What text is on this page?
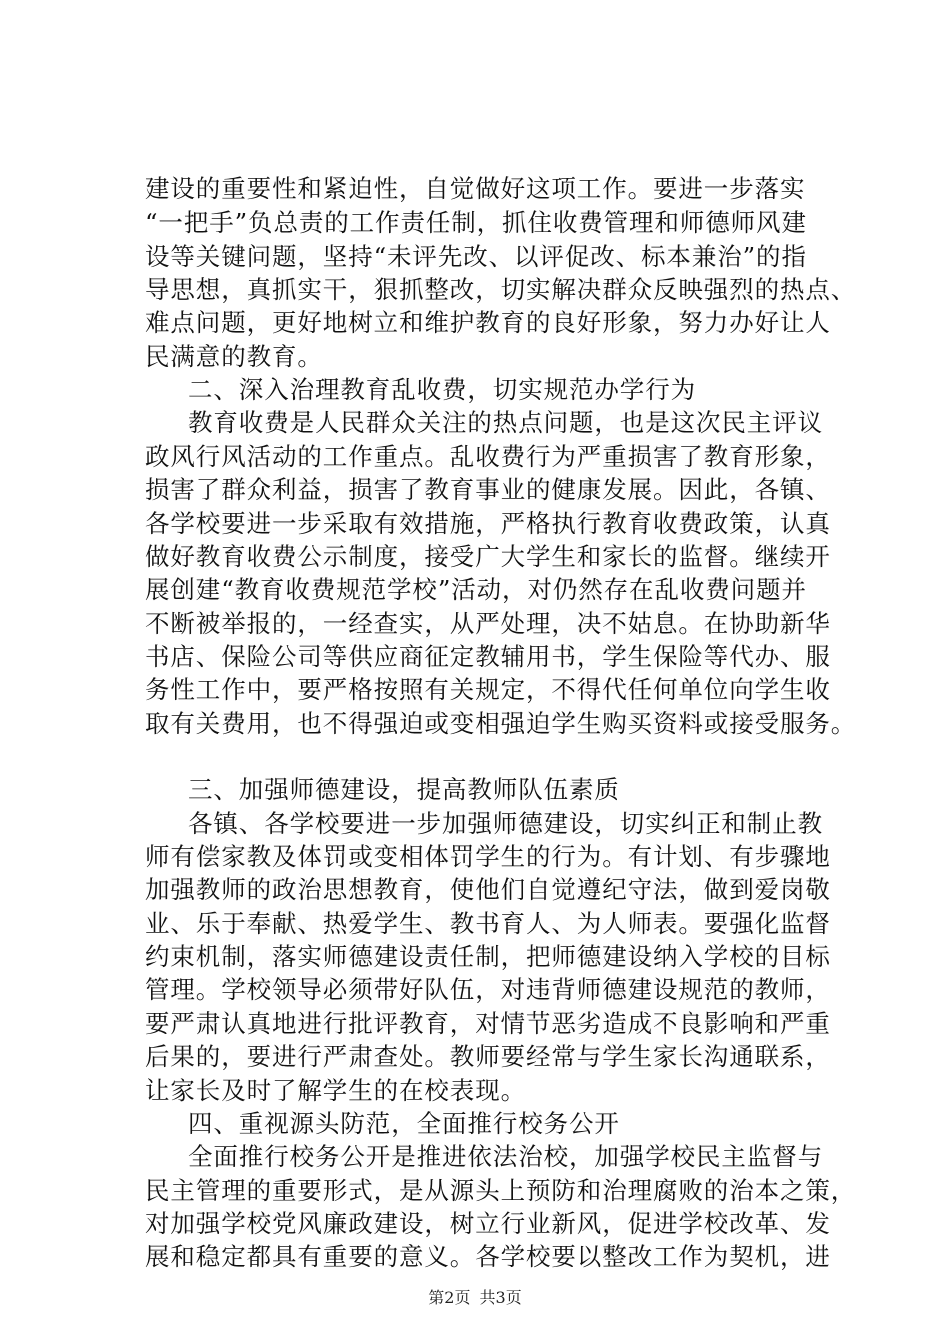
建设的重要性和紧迫性，自觉做好这项工作。要进一步落实
“一把手”负总责的工作责任制，抓住收费管理和师德师风建
设等关键问题，坚持“未评先改、以评促改、标本兼治”的指
导思想，真抓实干，狠抓整改，切实解决群众反映强烈的热点、
难点问题，更好地树立和维护教育的良好形象，努力办好让人
民满意的教育。
二、深入治理教育乱收费，切实规范办学行为
教育收费是人民群众关注的热点问题，也是这次民主评议
政风行风活动的工作重点。乱收费行为严重损害了教育形象，
损害了群众利益，损害了教育事业的健康发展。因此，各镇、
各学校要进一步采取有效措施，严格执行教育收费政策，认真
做好教育收费公示制度，接受广大学生和家长的监督。继续开
展创建“教育收费规范学校”活动，对仍然存在乱收费问题并
不断被举报的，一经查实，从严处理，决不姑息。在协助新华
书店、保险公司等供应商征定教辅用书，学生保险等代办、服
务性工作中，要严格按照有关规定，不得代任何单位向学生收
取有关费用，也不得强迫或变相强迫学生购买资料或接受服务。
三、加强师德建设，提高教师队伍素质
各镇、各学校要进一步加强师德建设，切实纠正和制止教
师有偿家教及体罚或变相体罚学生的行为。有计划、有步骤地
加强教师的政治思想教育，使他们自觉遵纪守法，做到爱岗敬
业、乐于奉献、热爱学生、教书育人、为人师表。要强化监督
约束机制，落实师德建设责任制，把师德建设纳入学校的目标
管理。学校领导必须带好队伍，对违背师德建设规范的教师，
要严肃认真地进行批评教育，对情节恶劣造成不良影响和严重
后果的，要进行严肃查处。教师要经常与学生家长沟通联系，
让家长及时了解学生的在校表现。
四、重视源头防范，全面推行校务公开
全面推行校务公开是推进依法治校，加强学校民主监督与
民主管理的重要形式，是从源头上预防和治理腐败的治本之策，
对加强学校党风廉政建设，树立行业新风，促进学校改革、发
展和稳定都具有重要的意义。各学校要以整改工作为契机，进
第2页 共3页
